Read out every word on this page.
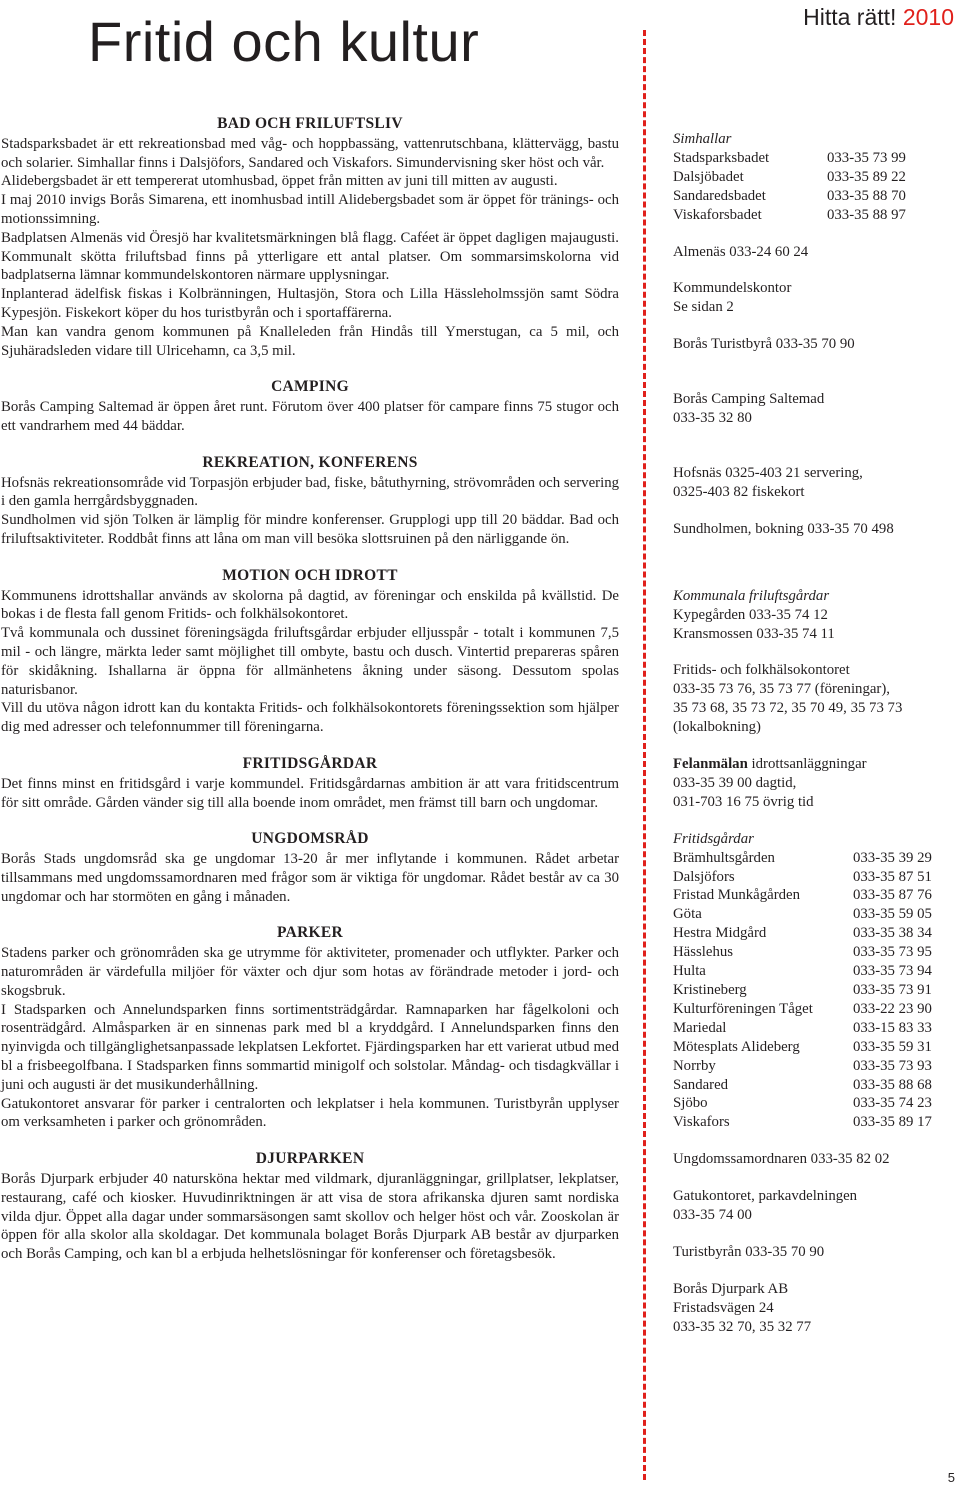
Fritid och kultur	Hitta rätt! 2010
BAD OCH FRILUFTSLIV

Stadsparksbadet är ett rekreationsbad med våg- och hoppbassäng, vattenrutschbana, klättervägg, bastu och solarier. Simhallar finns i Dalsjöfors, Sandared och Viskafors. Simundervisning sker höst och vår.

Alidebergsbadet är ett tempererat utomhusbad, öppet från mitten av juni till mitten av augusti.

I maj 2010 invigs Borås Simarena, ett inomhusbad intill Alidebergsbadet som är öppet för tränings- och motionssimning.

Badplatsen Almenäs vid Öresjö har kvalitetsmärkningen blå flagg. Caféet är öppet dagligen majaugusti. Kommunalt skötta friluftsbad finns på ytterligare ett antal platser. Om sommarsimskolorna vid badplatserna lämnar kommundelskontoren närmare upplysningar.

Inplanterad ädelfisk fiskas i Kolbränningen, Hultasjön, Stora och Lilla Hässleholmssjön samt Södra Kypesjön. Fiskekort köper du hos turistbyrån och i sportaffärerna.

Man kan vandra genom kommunen på Knalleleden från Hindås till Ymerstugan, ca 5 mil, och Sjuhäradsleden vidare till Ulricehamn, ca 3,5 mil.

CAMPING

Borås Camping Saltemad är öppen året runt. Förutom över 400 platser för campare finns 75 stugor och ett vandrarhem med 44 bäddar.

REKREATION, KONFERENS

Hofsnäs rekreationsområde vid Torpasjön erbjuder bad, fiske, båtuthyrning, strövområden och servering i den gamla herrgårdsbyggnaden.

Sundholmen vid sjön Tolken är lämplig för mindre konferenser. Grupplogi upp till 20 bäddar. Bad och friluftsaktiviteter. Roddbåt finns att låna om man vill besöka slottsruinen på den närliggande ön.

MOTION OCH IDROTT

Kommunens idrottshallar används av skolorna på dagtid, av föreningar och enskilda på kvällstid. De bokas i de flesta fall genom Fritids- och folkhälsokontoret.

Två kommunala och dussinet föreningsägda friluftsgårdar erbjuder elljusspår - totalt i kommunen 7,5 mil - och längre, märkta leder samt möjlighet till ombyte, bastu och dusch. Vintertid prepareras spåren för skidåkning. Ishallarna är öppna för allmänhetens åkning under säsong. Dessutom spolas naturisbanor.

Vill du utöva någon idrott kan du kontakta Fritids- och folkhälsokontorets föreningssektion som hjälper dig med adresser och telefonnummer till föreningarna.

FRITIDSGÅRDAR

Det finns minst en fritidsgård i varje kommundel. Fritidsgårdarnas ambition är att vara fritidscentrum för sitt område. Gården vänder sig till alla boende inom området, men främst till barn och ungdomar.

UNGDOMSRÅD

Borås Stads ungdomsråd ska ge ungdomar 13-20 år mer inflytande i kommunen. Rådet arbetar tillsammans med ungdomssamordnaren med frågor som är viktiga för ungdomar. Rådet består av ca 30 ungdomar och har stormöten en gång i månaden.

PARKER

Stadens parker och grönområden ska ge utrymme för aktiviteter, promenader och utflykter. Parker och naturområden är värdefulla miljöer för växter och djur som hotas av förändrade metoder i jord- och skogsbruk.

I Stadsparken och Annelundsparken finns sortimentsträdgårdar. Ramnaparken har fågelkoloni och rosenträdgård. Almåsparken är en sinnenas park med bl a kryddgård. I Annelundsparken finns den nyinvigda och tillgänglighetsanpassade lekplatsen Lekfortet. Fjärdingsparken har ett varierat utbud med bl a frisbeegolfbana. I Stadsparken finns sommartid minigolf och solstolar. Måndag- och tisdagkvällar i juni och augusti är det musikunderhållning.

Gatukontoret ansvarar för parker i centralorten och lekplatser i hela kommunen. Turistbyrån upplyser om verksamheten i parker och grönområden.

DJURPARKEN

Borås Djurpark erbjuder 40 natursköna hektar med vildmark, djuranläggningar, grillplatser, lekplatser, restaurang, café och kiosker. Huvudinriktningen är att visa de stora afrikanska djuren samt nordiska vilda djur. Öppet alla dagar under sommarsäsongen samt skollov och helger höst och vår. Zooskolan är öppen för alla skolor alla skoldagar. Det kommunala bolaget Borås Djurpark AB består av djurparken och Borås Camping, och kan bl a erbjuda helhetslösningar för konferenser och företagsbesök.

Simhallar

Stadsparksbadet	033-35 73 99
Dalsjöbadet	033-35 89 22
Sandaredsbadet	033-35 88 70
Viskaforsbadet	033-35 88 97

Almenäs 033-24 60 24

Kommundelskontor

Se sidan 2

Borås Turistbyrå 033-35 70 90

Borås Camping Saltemad

033-35 32 80

Hofsnäs 0325-403 21 servering,

0325-403 82 fiskekort

Sundholmen, bokning 033-35 70 498

Kommunala friluftsgårdar

Kypegården 033-35 74 12

Kransmossen 033-35 74 11

Fritids- och folkhälsokontoret

033-35 73 76, 35 73 77 (föreningar),

35 73 68, 35 73 72, 35 70 49, 35 73 73

(lokalbokning)

Felanmälan idrottsanläggningar

033-35 39 00 dagtid,

031-703 16 75 övrig tid

Fritidsgårdar

Brämhultsgården	033-35 39 29
Dalsjöfors	033-35 87 51
Fristad Munkågården	033-35 87 76
Göta	033-35 59 05
Hestra Midgård	033-35 38 34
Hässlehus	033-35 73 95
Hulta	033-35 73 94
Kristineberg	033-35 73 91
Kulturföreningen Tåget	033-22 23 90
Mariedal	033-15 83 33
Mötesplats Alideberg	033-35 59 31
Norrby	033-35 73 93
Sandared	033-35 88 68
Sjöbo	033-35 74 23
Viskafors	033-35 89 17

Ungdomssamordnaren 033-35 82 02

Gatukontoret, parkavdelningen

033-35 74 00

Turistbyrån 033-35 70 90

Borås Djurpark AB

Fristadsvägen 24

033-35 32 70, 35 32 77

5
